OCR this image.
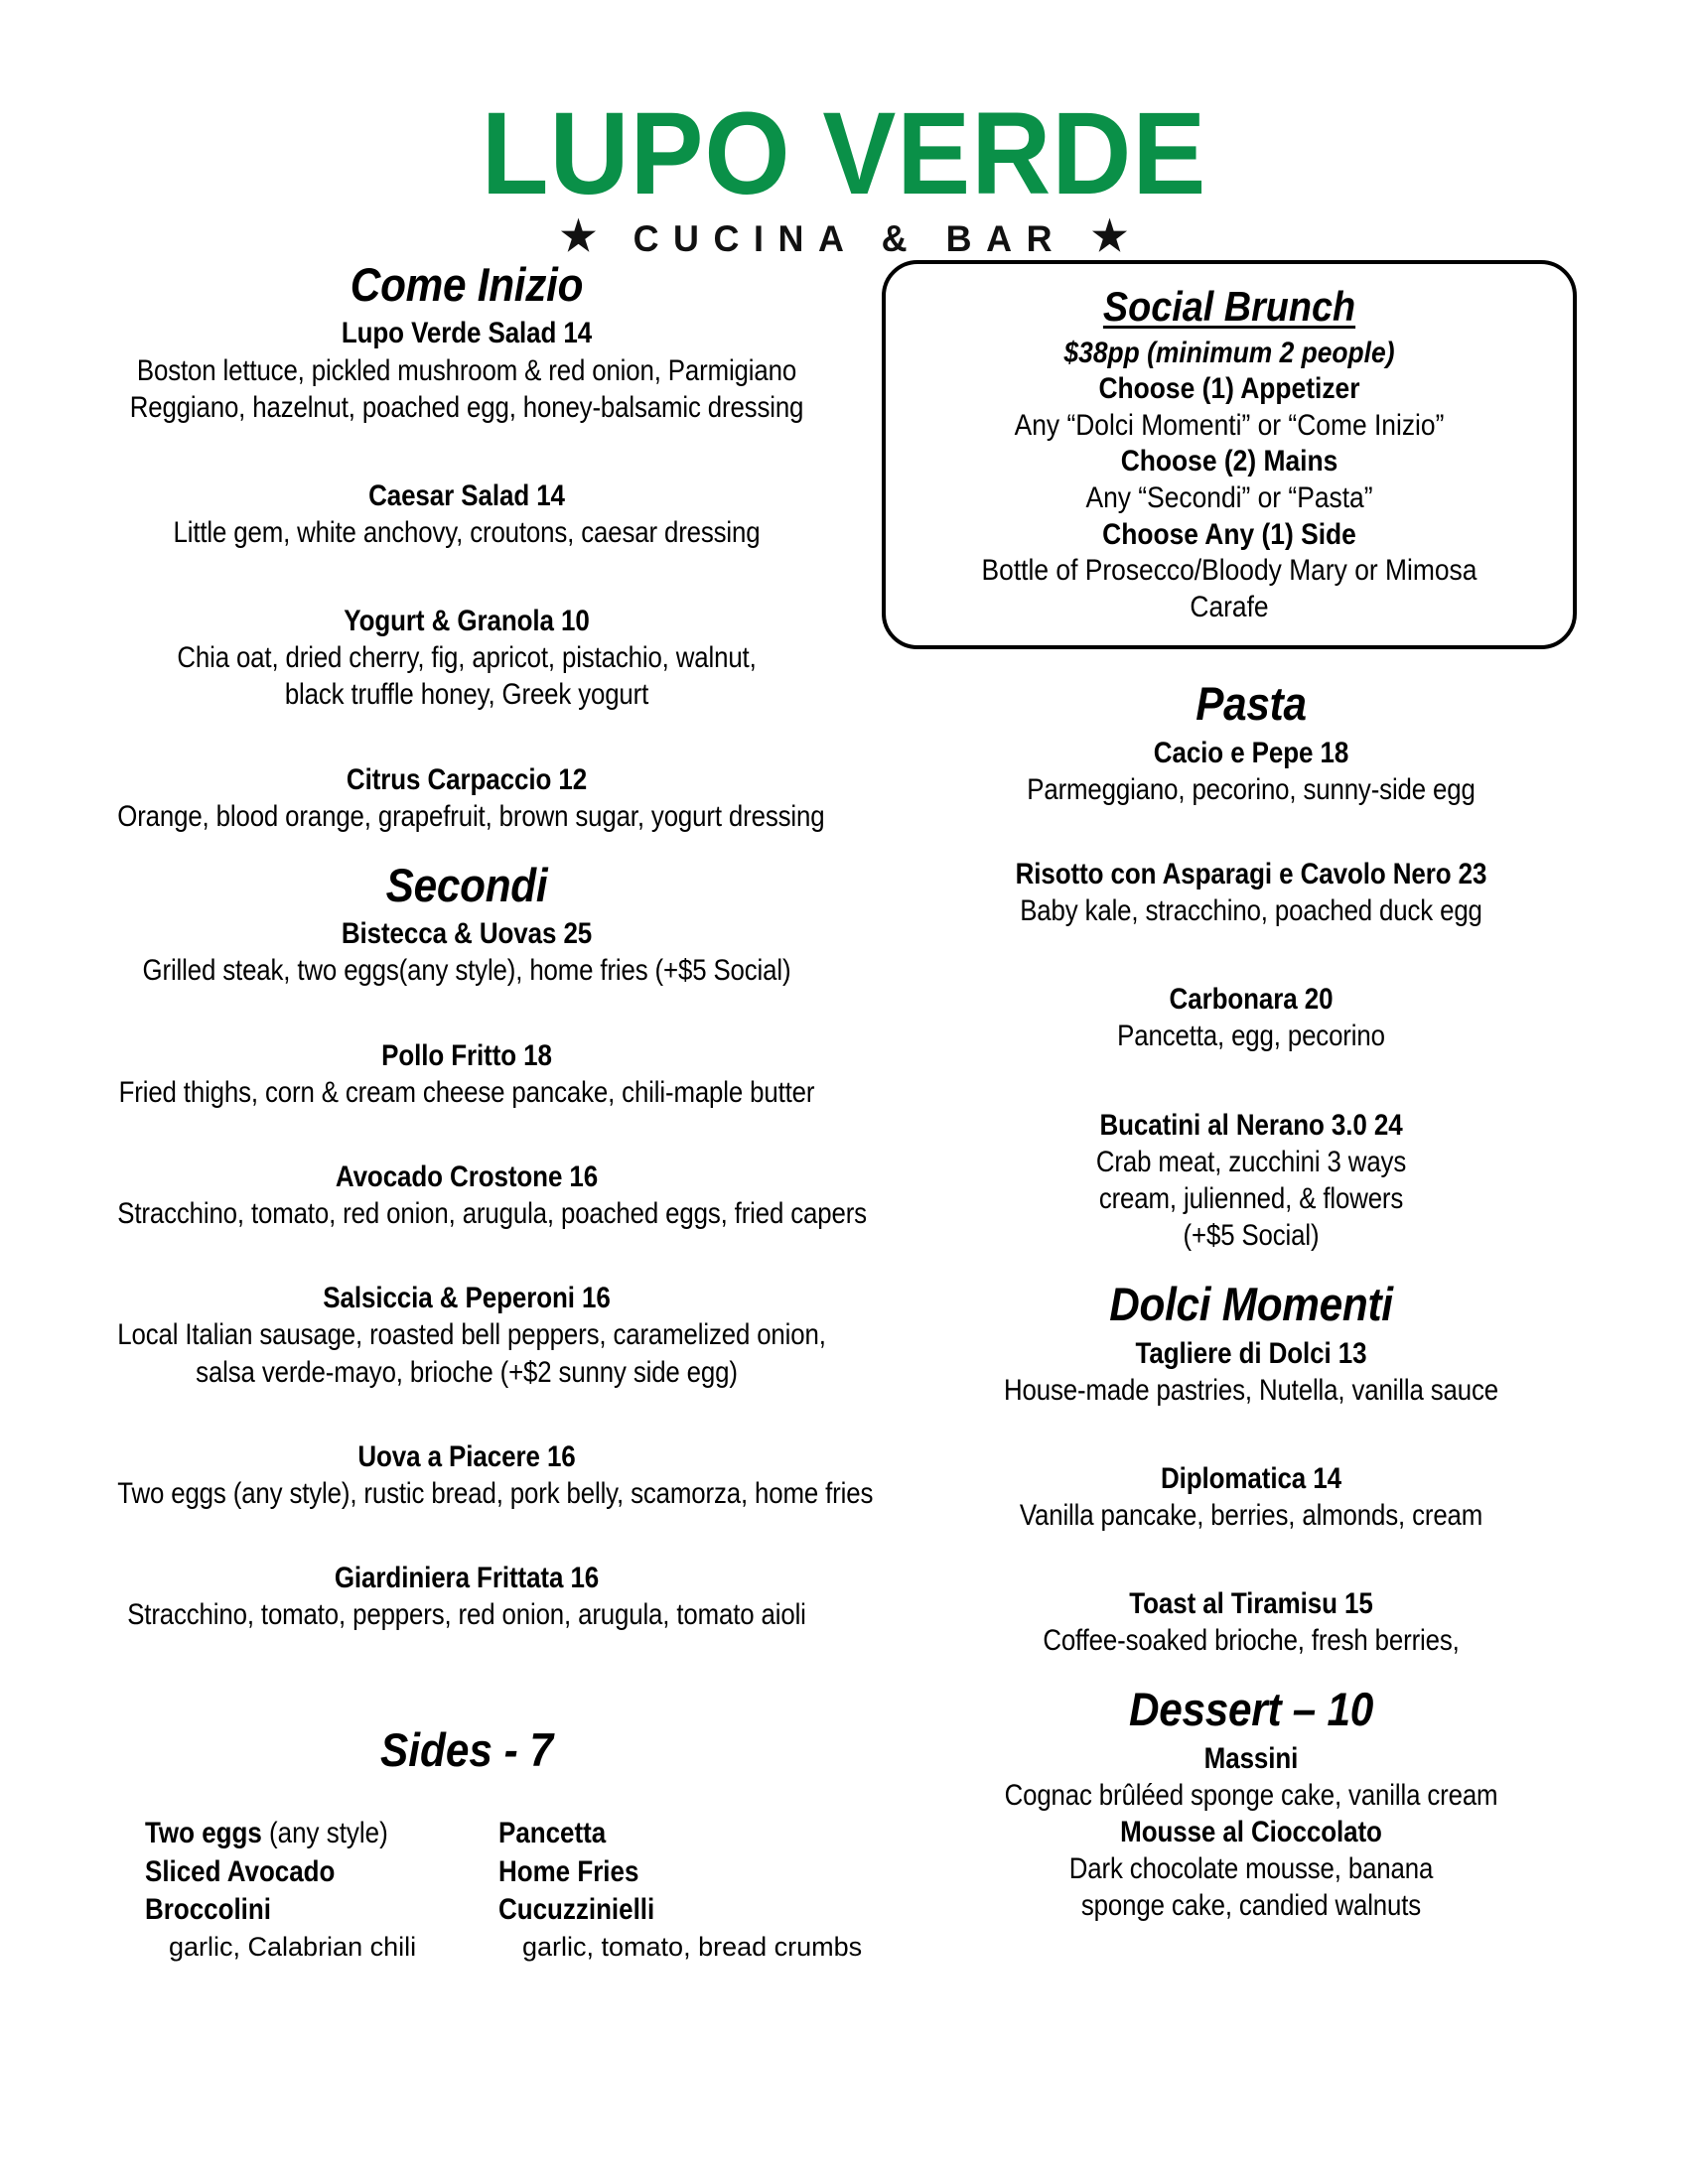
LUPO VERDE
★ CUCINA & BAR ★
Come Inizio
Lupo Verde Salad 14
Boston lettuce, pickled mushroom & red onion, Parmigiano
Reggiano, hazelnut, poached egg, honey-balsamic dressing
Caesar Salad 14
Little gem, white anchovy, croutons, caesar dressing
Yogurt & Granola 10
Chia oat, dried cherry, fig, apricot, pistachio, walnut,
black truffle honey, Greek yogurt
Citrus Carpaccio 12
Orange, blood orange, grapefruit, brown sugar, yogurt dressing
Secondi
Bistecca & Uovas 25
Grilled steak, two eggs(any style), home fries (+$5 Social)
Pollo Fritto 18
Fried thighs, corn & cream cheese pancake, chili-maple butter
Avocado Crostone 16
Stracchino, tomato, red onion, arugula, poached eggs, fried capers
Salsiccia & Peperoni 16
Local Italian sausage, roasted bell peppers, caramelized onion,
salsa verde-mayo, brioche (+$2 sunny side egg)
Uova a Piacere 16
Two eggs (any style), rustic bread, pork belly, scamorza, home fries
Giardiniera Frittata 16
Stracchino, tomato, peppers, red onion, arugula, tomato aioli
Sides - 7
Two eggs (any style)
Sliced Avocado
Broccolini
garlic, Calabrian chili
Pancetta
Home Fries
Cucuzzinielli
garlic, tomato, bread crumbs
Social Brunch
$38pp (minimum 2 people)
Choose (1) Appetizer
Any “Dolci Momenti” or “Come Inizio”
Choose (2) Mains
Any “Secondi” or “Pasta”
Choose Any (1) Side
Bottle of Prosecco/Bloody Mary or Mimosa Carafe
Pasta
Cacio e Pepe 18
Parmeggiano, pecorino, sunny-side egg
Risotto con Asparagi e Cavolo Nero 23
Baby kale, stracchino, poached duck egg
Carbonara 20
Pancetta, egg, pecorino
Bucatini al Nerano 3.0 24
Crab meat, zucchini 3 ways
cream, julienned, & flowers
(+$5 Social)
Dolci Momenti
Tagliere di Dolci 13
House-made pastries, Nutella, vanilla sauce
Diplomatica 14
Vanilla pancake, berries, almonds, cream
Toast al Tiramisu 15
Coffee-soaked brioche, fresh berries,
Dessert – 10
Massini
Cognac brûléed sponge cake, vanilla cream
Mousse al Cioccolato
Dark chocolate mousse, banana
sponge cake, candied walnuts
